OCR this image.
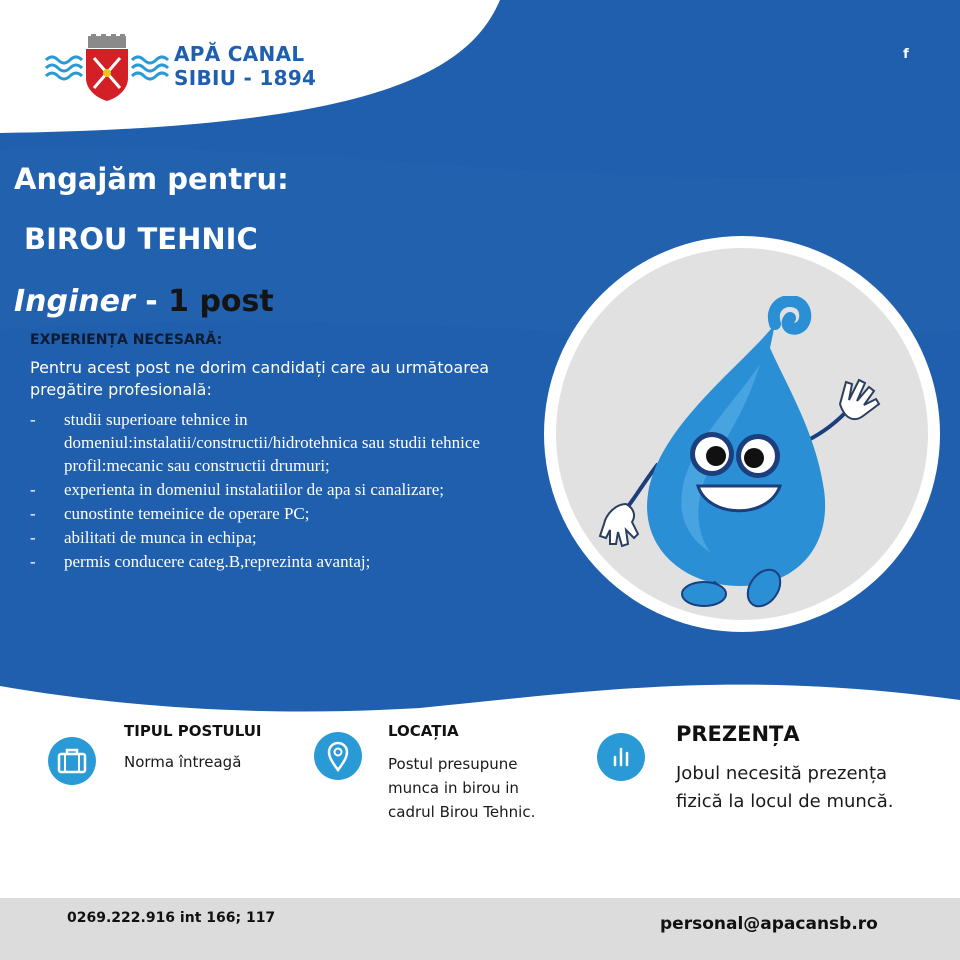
APĂ CANAL
SIBIU - 1894
f
www.apacansb.ro
Angajăm pentru:
BIROU TEHNIC
Inginer - 1 post
EXPERIENȚA NECESARĂ:
Pentru acest post ne dorim candidați care au următoarea pregătire profesională:
- studii superioare tehnice in domeniul:instalatii/constructii/hidrotehnica sau studii tehnice profil:mecanic sau constructii drumuri;
- experienta in domeniul instalatiilor de apa si canalizare;
- cunostinte temeinice de operare PC;
- abilitati de munca in echipa;
- permis conducere categ.B,reprezinta avantaj;
TIPUL POSTULUI
Norma întreagă
LOCAȚIA
Postul presupune munca in birou in cadrul Birou Tehnic.
PREZENȚA
Jobul necesită prezența fizică la locul de muncă.
0269.222.916 int 166; 117	personal@apacansb.ro
